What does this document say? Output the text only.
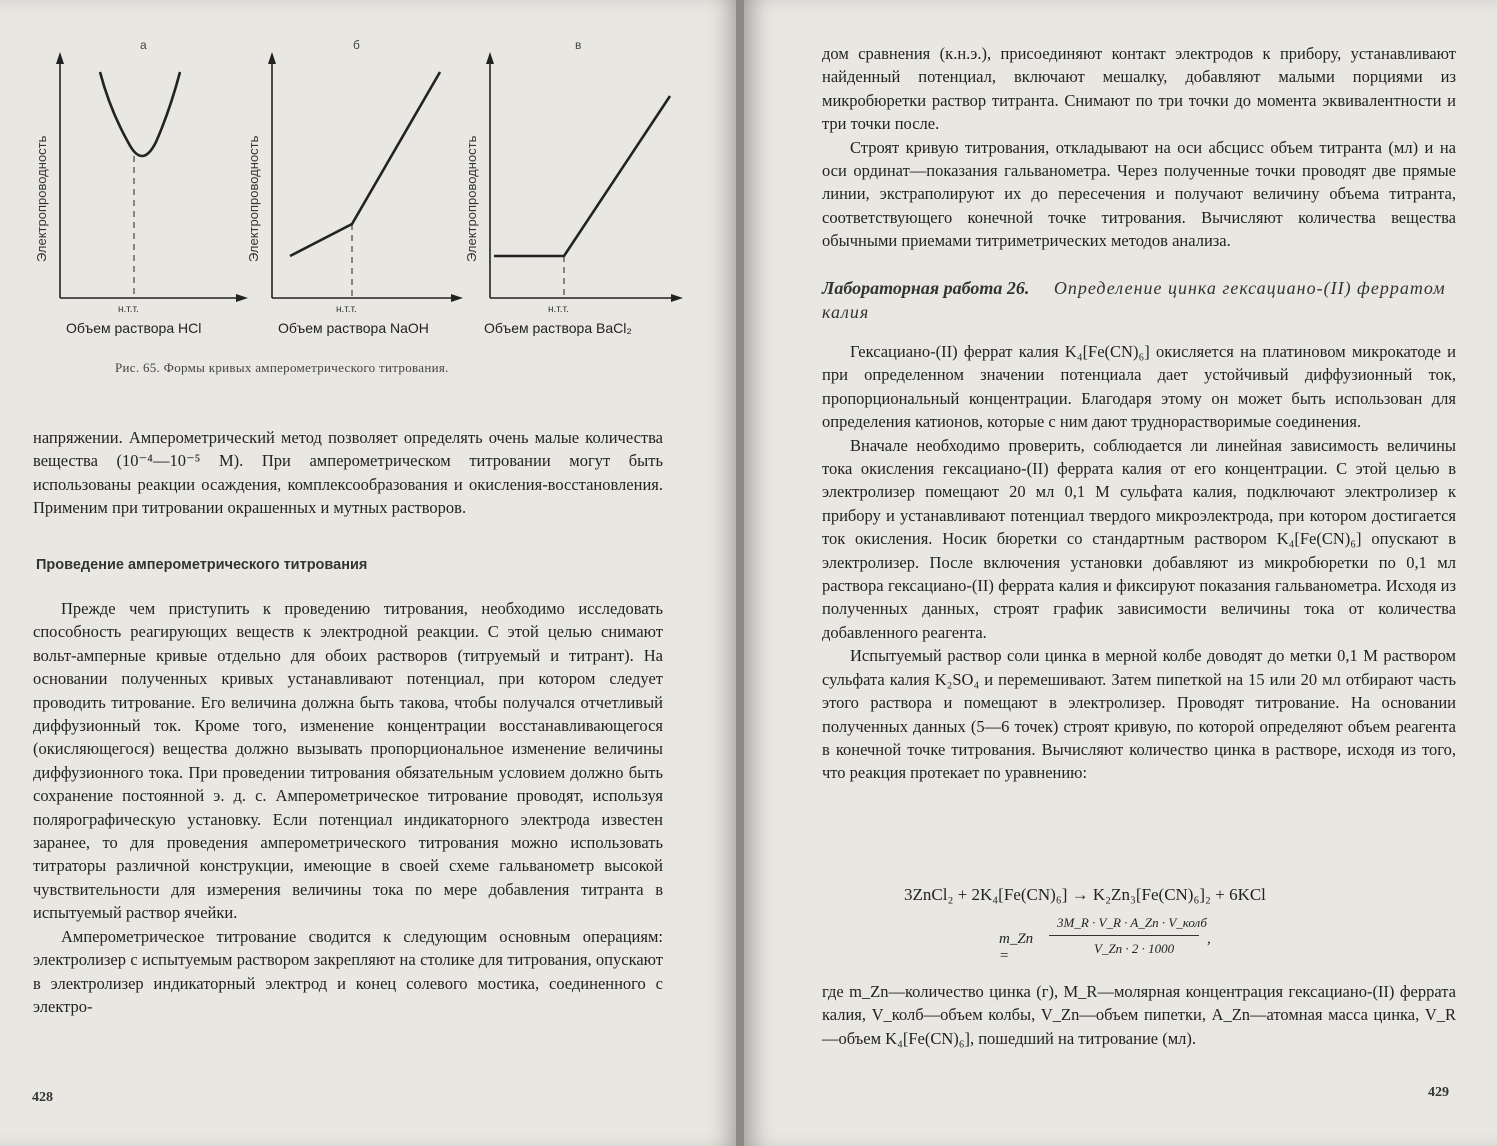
а	б	в
Электропроводность	Электропроводность	Электропроводность
н.т.т.	н.т.т.	н.т.т.
Объем раствора HCl	Объем раствора NaOH	Объем раствора BaCl₂
Рис. 65. Формы кривых амперометрического титрования.

напряжении. Амперометрический метод позволяет определять очень малые количества вещества (10⁻⁴—10⁻⁵ M). При амперометрическом титровании могут быть использованы реакции осаждения, комплексообразования и окисления-восстановления. Применим при титровании окрашенных и мутных растворов.

Проведение амперометрического титрования

Прежде чем приступить к проведению титрования, необходимо исследовать способность реагирующих веществ к электродной реакции. С этой целью снимают вольт-амперные кривые отдельно для обоих растворов (титруемый и титрант). На основании полученных кривых устанавливают потенциал, при котором следует проводить титрование. Его величина должна быть такова, чтобы получался отчетливый диффузионный ток. Кроме того, изменение концентрации восстанавливающегося (окисляющегося) вещества должно вызывать пропорциональное изменение величины диффузионного тока. При проведении титрования обязательным условием должно быть сохранение постоянной э. д. с. Амперометрическое титрование проводят, используя полярографическую установку. Если потенциал индикаторного электрода известен заранее, то для проведения амперометрического титрования можно использовать титраторы различной конструкции, имеющие в своей схеме гальванометр высокой чувствительности для измерения величины тока по мере добавления титранта в испытуемый раствор ячейки.

Амперометрическое титрование сводится к следующим основным операциям: электролизер с испытуемым раствором закрепляют на столике для титрования, опускают в электролизер индикаторный электрод и конец солевого мостика, соединенного с электро-

428

дом сравнения (к.н.э.), присоединяют контакт электродов к прибору, устанавливают найденный потенциал, включают мешалку, добавляют малыми порциями из микробюретки раствор титранта. Снимают по три точки до момента эквивалентности и три точки после.

Строят кривую титрования, откладывают на оси абсцисс объем титранта (мл) и на оси ординат—показания гальванометра. Через полученные точки проводят две прямые линии, экстраполируют их до пересечения и получают величину объема титранта, соответствующего конечной точке титрования. Вычисляют количества вещества обычными приемами титриметрических методов анализа.

Лабораторная работа 26. Определение цинка гексациано-(II) ферратом калия

Гексациано-(II) феррат калия K₄[Fe(CN)₆] окисляется на платиновом микрокатоде и при определенном значении потенциала дает устойчивый диффузионный ток, пропорциональный концентрации. Благодаря этому он может быть использован для определения катионов, которые с ним дают труднорастворимые соединения.

Вначале необходимо проверить, соблюдается ли линейная зависимость величины тока окисления гексациано-(II) феррата калия от его концентрации. С этой целью в электролизер помещают 20 мл 0,1 M сульфата калия, подключают электролизер к прибору и устанавливают потенциал твердого микроэлектрода, при котором достигается ток окисления. Носик бюретки со стандартным раствором K₄[Fe(CN)₆] опускают в электролизер. После включения установки добавляют из микробюретки по 0,1 мл раствора гексациано-(II) феррата калия и фиксируют показания гальванометра. Исходя из полученных данных, строят график зависимости величины тока от количества добавленного реагента.

Испытуемый раствор соли цинка в мерной колбе доводят до метки 0,1 M раствором сульфата калия K₂SO₄ и перемешивают. Затем пипеткой на 15 или 20 мл отбирают часть этого раствора и помещают в электролизер. Проводят титрование. На основании полученных данных (5—6 точек) строят кривую, по которой определяют объем реагента в конечной точке титрования. Вычисляют количество цинка в растворе, исходя из того, что реакция протекает по уравнению:

3ZnCl₂ + 2K₄[Fe(CN)₆] → K₂Zn₃[Fe(CN)₆]₂ + 6KCl
m_Zn =
3M_R · V_R · A_Zn · V_колб
V_Zn · 2 · 1000
,

где m_Zn—количество цинка (г), M_R—молярная концентрация гексациано-(II) феррата калия, V_колб—объем колбы, V_Zn—объем пипетки, A_Zn—атомная масса цинка, V_R—объем K₄[Fe(CN)₆], пошедший на титрование (мл).

429
